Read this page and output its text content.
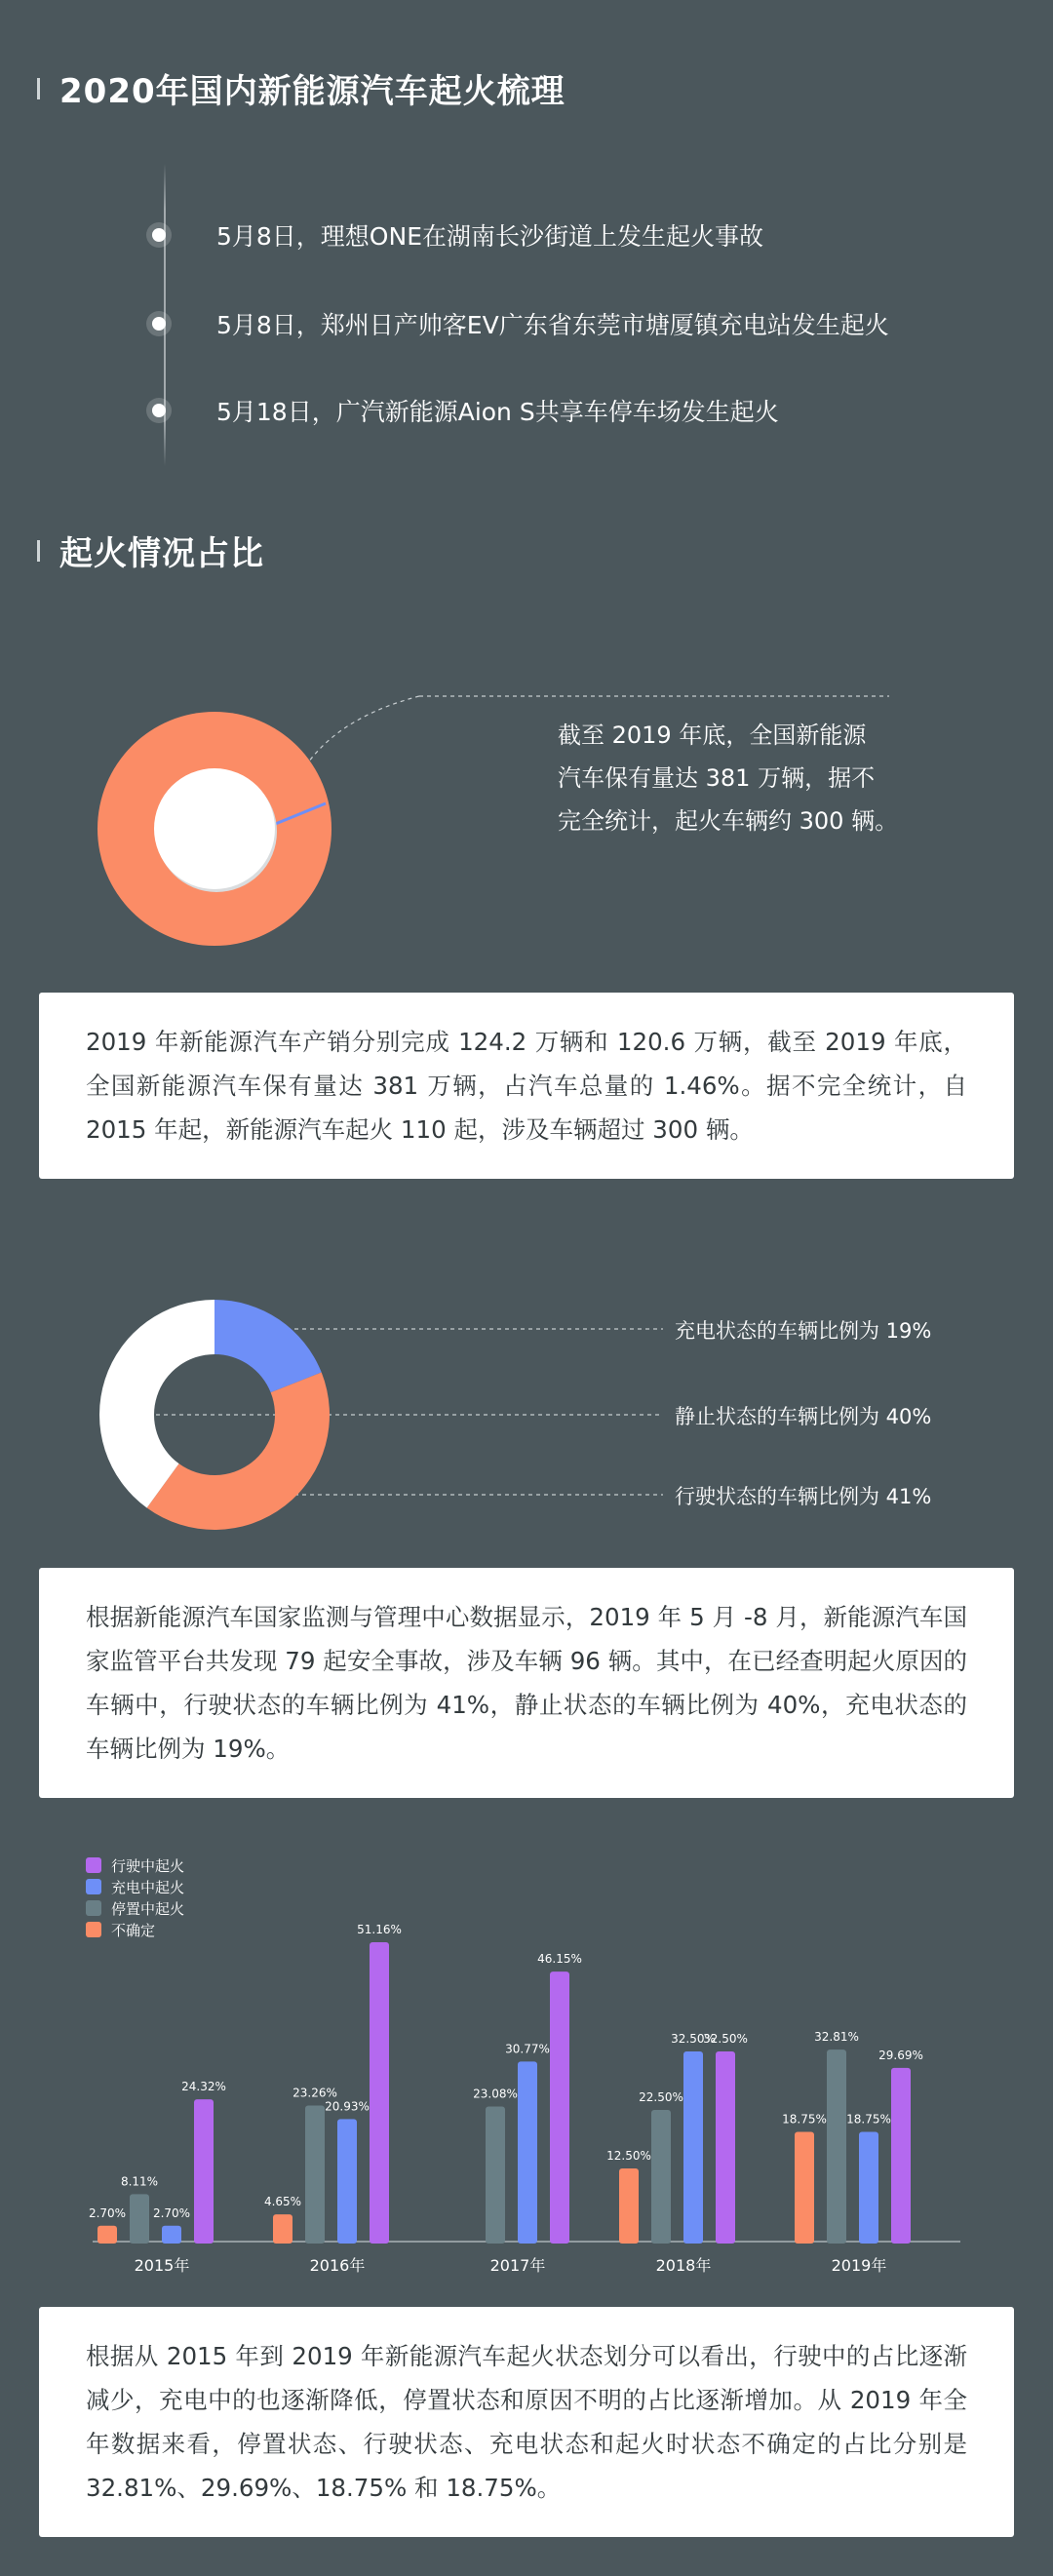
2020年国内新能源汽车起火梳理
5月8日，理想ONE在湖南长沙街道上发生起火事故
5月8日，郑州日产帅客EV广东省东莞市塘厦镇充电站发生起火
5月18日，广汽新能源Aion S共享车停车场发生起火
起火情况占比
截至 2019 年底，全国新能源
汽车保有量达 381 万辆，据不
完全统计，起火车辆约 300 辆。
2019 年新能源汽车产销分别完成 124.2 万辆和 120.6 万辆，截至 2019 年底，全国新能源汽车保有量达 381 万辆，占汽车总量的 1.46%。据不完全统计，自 2015 年起，新能源汽车起火 110 起，涉及车辆超过 300 辆。
充电状态的车辆比例为 19%
静止状态的车辆比例为 40%
行驶状态的车辆比例为 41%
根据新能源汽车国家监测与管理中心数据显示，2019 年 5 月 -8 月，新能源汽车国家监管平台共发现 79 起安全事故，涉及车辆 96 辆。其中，在已经查明起火原因的车辆中，行驶状态的车辆比例为 41%，静止状态的车辆比例为 40%，充电状态的车辆比例为 19%。
行驶中起火
充电中起火
停置中起火
不确定
2.70%
8.11%
2.70%
24.32%
2015年
4.65%
23.26%
20.93%
51.16%
2016年
23.08%
30.77%
46.15%
2017年
12.50%
22.50%
32.50%
32.50%
2018年
18.75%
32.81%
18.75%
29.69%
2019年
根据从 2015 年到 2019 年新能源汽车起火状态划分可以看出，行驶中的占比逐渐减少，充电中的也逐渐降低，停置状态和原因不明的占比逐渐增加。从 2019 年全年数据来看，停置状态、行驶状态、充电状态和起火时状态不确定的占比分别是 32.81%、29.69%、18.75% 和 18.75%。
